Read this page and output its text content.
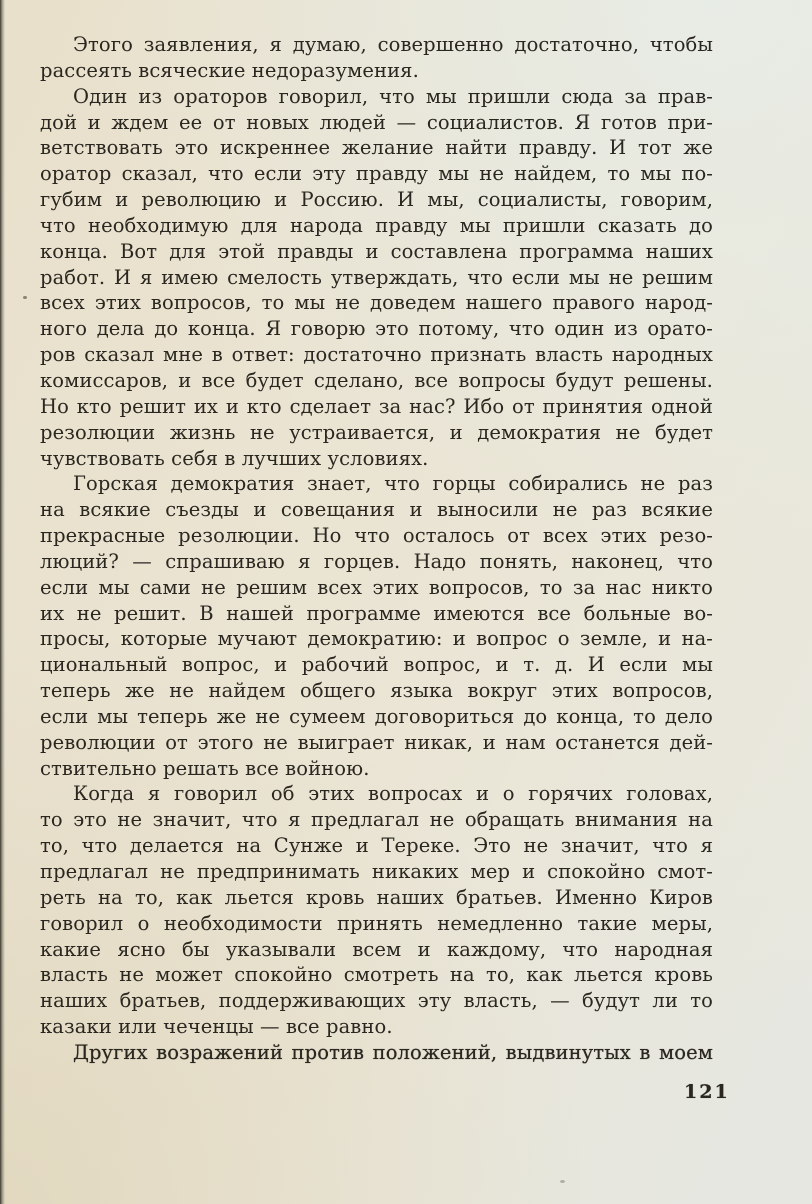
Этого заявления, я думаю, совершенно достаточно, чтобы
рассеять всяческие недоразумения.
Один из ораторов говорил, что мы пришли сюда за прав-
дой и ждем ее от новых людей — социалистов. Я готов при-
ветствовать это искреннее желание найти правду. И тот же
оратор сказал, что если эту правду мы не найдем, то мы по-
губим и революцию и Россию. И мы, социалисты, говорим,
что необходимую для народа правду мы пришли сказать до
конца. Вот для этой правды и составлена программа наших
работ. И я имею смелость утверждать, что если мы не решим
всех этих вопросов, то мы не доведем нашего правого народ-
ного дела до конца. Я говорю это потому, что один из орато-
ров сказал мне в ответ: достаточно признать власть народных
комиссаров, и все будет сделано, все вопросы будут решены.
Но кто решит их и кто сделает за нас? Ибо от принятия одной
резолюции жизнь не устраивается, и демократия не будет
чувствовать себя в лучших условиях.
Горская демократия знает, что горцы собирались не раз
на всякие съезды и совещания и выносили не раз всякие
прекрасные резолюции. Но что осталось от всех этих резо-
люций? — спрашиваю я горцев. Надо понять, наконец, что
если мы сами не решим всех этих вопросов, то за нас никто
их не решит. В нашей программе имеются все больные во-
просы, которые мучают демократию: и вопрос о земле, и на-
циональный вопрос, и рабочий вопрос, и т. д. И если мы
теперь же не найдем общего языка вокруг этих вопросов,
если мы теперь же не сумеем договориться до конца, то дело
революции от этого не выиграет никак, и нам останется дей-
ствительно решать все войною.
Когда я говорил об этих вопросах и о горячих головах,
то это не значит, что я предлагал не обращать внимания на
то, что делается на Сунже и Тереке. Это не значит, что я
предлагал не предпринимать никаких мер и спокойно смот-
реть на то, как льется кровь наших братьев. Именно Киров
говорил о необходимости принять немедленно такие меры,
какие ясно бы указывали всем и каждому, что народная
власть не может спокойно смотреть на то, как льется кровь
наших братьев, поддерживающих эту власть, — будут ли то
казаки или чеченцы — все равно.
Других возражений против положений, выдвинутых в моем
121
